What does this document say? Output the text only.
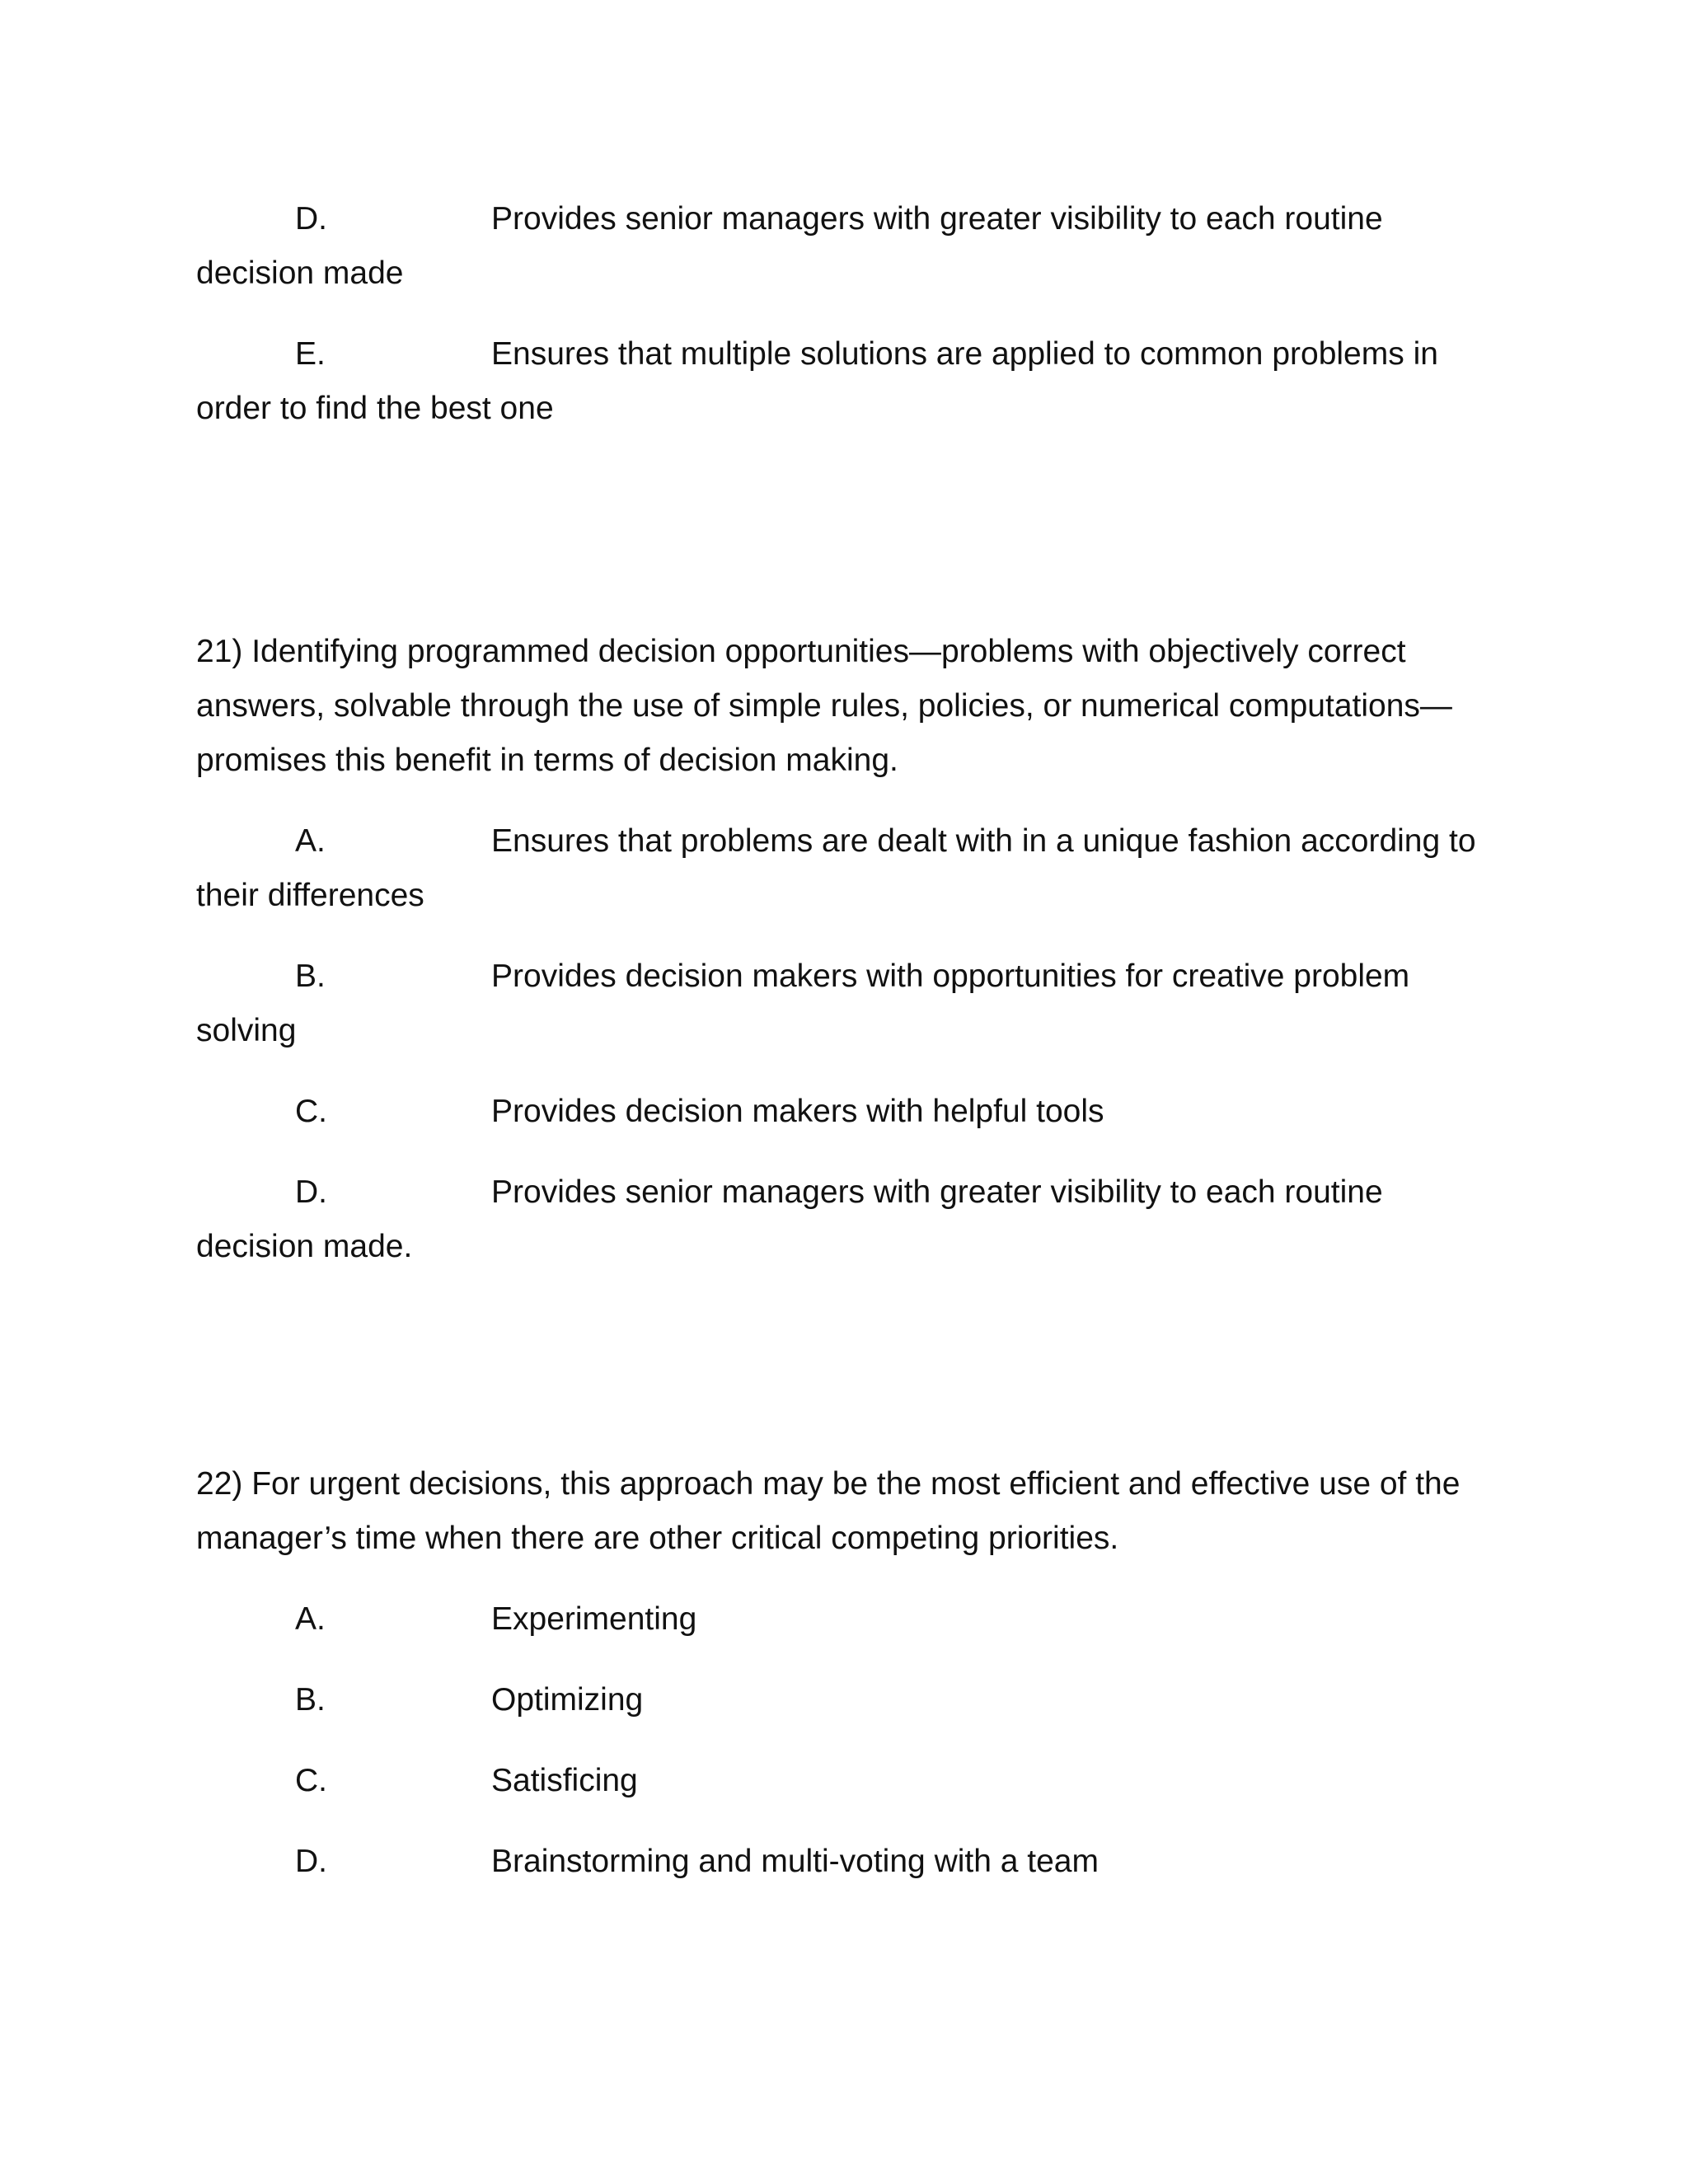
D.	Provides senior managers with greater visibility to each routine decision made
E.	Ensures that multiple solutions are applied to common problems in order to find the best one
21) Identifying programmed decision opportunities—problems with objectively correct answers, solvable through the use of simple rules, policies, or numerical computations—promises this benefit in terms of decision making.
A.	Ensures that problems are dealt with in a unique fashion according to their differences
B.	Provides decision makers with opportunities for creative problem solving
C.	Provides decision makers with helpful tools
D.	Provides senior managers with greater visibility to each routine decision made.
22) For urgent decisions, this approach may be the most efficient and effective use of the manager’s time when there are other critical competing priorities.
A.	Experimenting
B.	Optimizing
C.	Satisficing
D.	Brainstorming and multi-voting with a team
